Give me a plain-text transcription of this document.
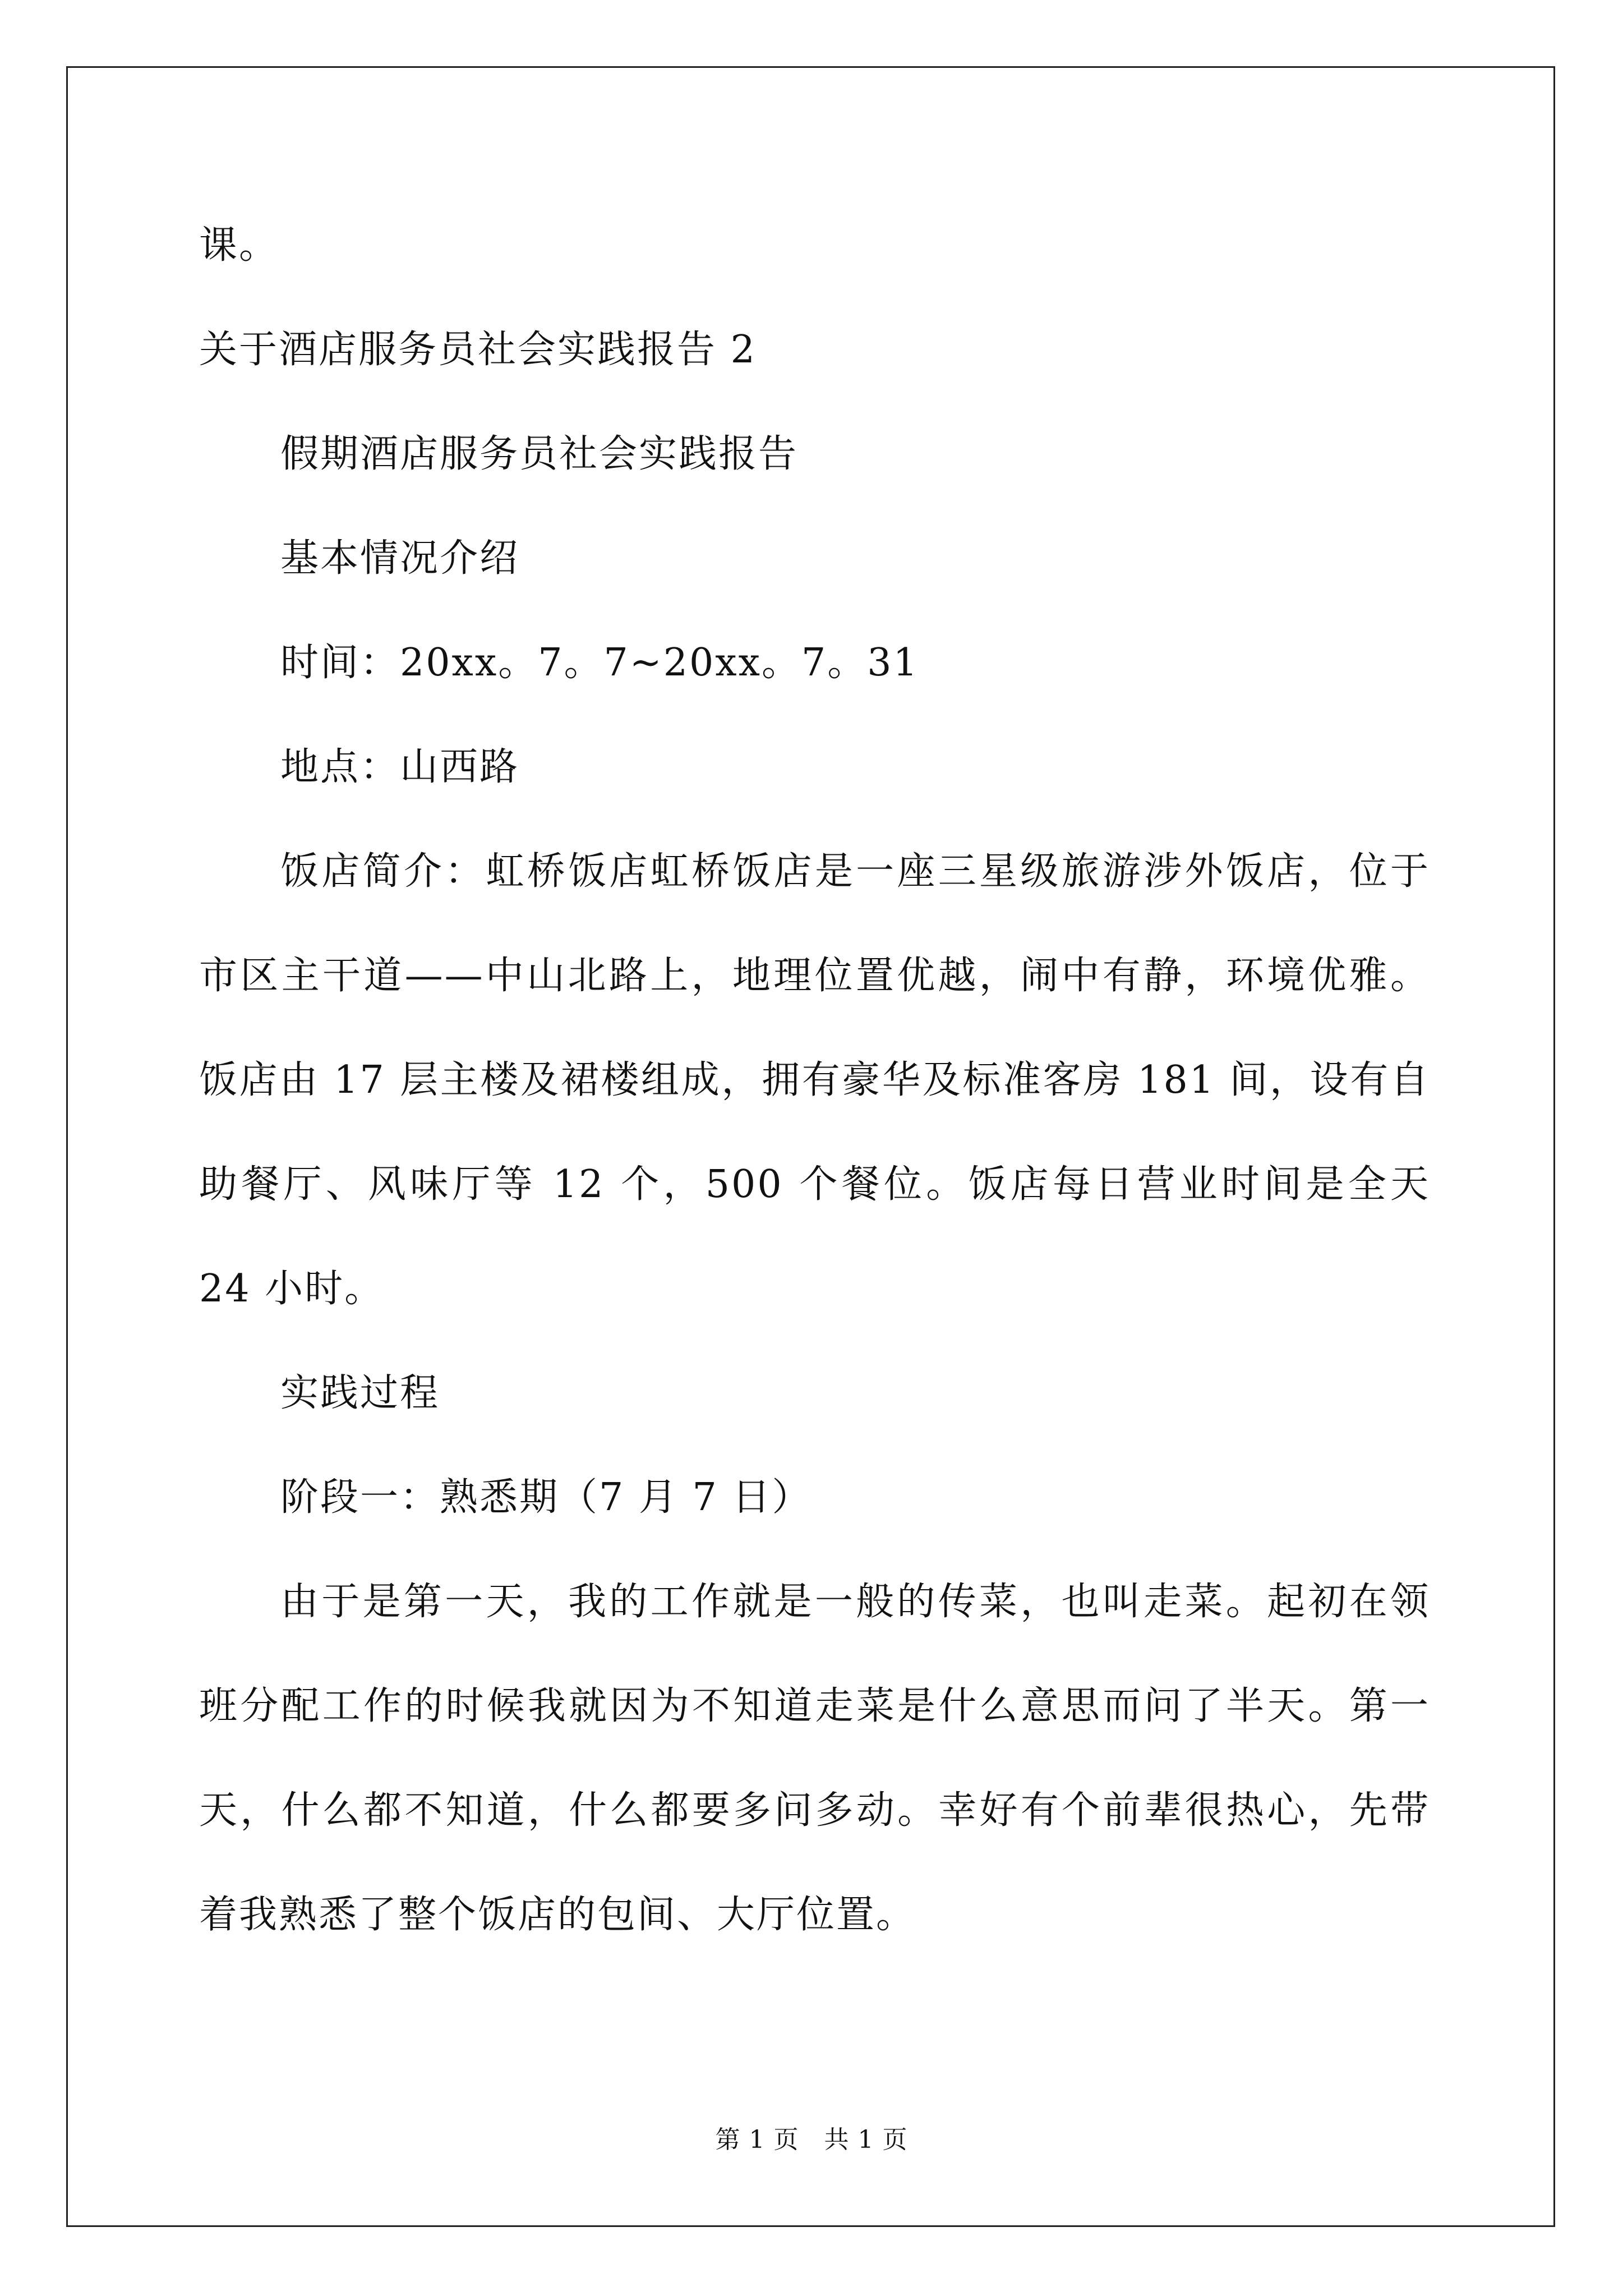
课。
关于酒店服务员社会实践报告 2
假期酒店服务员社会实践报告
基本情况介绍
时间：20xx。7。7~20xx。7。31
地点：山西路
饭店简介：虹桥饭店虹桥饭店是一座三星级旅游涉外饭店，位于市区主干道——中山北路上，地理位置优越，闹中有静，环境优雅。饭店由 17 层主楼及裙楼组成，拥有豪华及标准客房 181 间，设有自助餐厅、风味厅等 12 个，500 个餐位。饭店每日营业时间是全天 24 小时。
实践过程
阶段一：熟悉期（7 月 7 日）
由于是第一天，我的工作就是一般的传菜，也叫走菜。起初在领班分配工作的时候我就因为不知道走菜是什么意思而问了半天。第一天，什么都不知道，什么都要多问多动。幸好有个前辈很热心，先带着我熟悉了整个饭店的包间、大厅位置。
第 1 页 共 1 页
